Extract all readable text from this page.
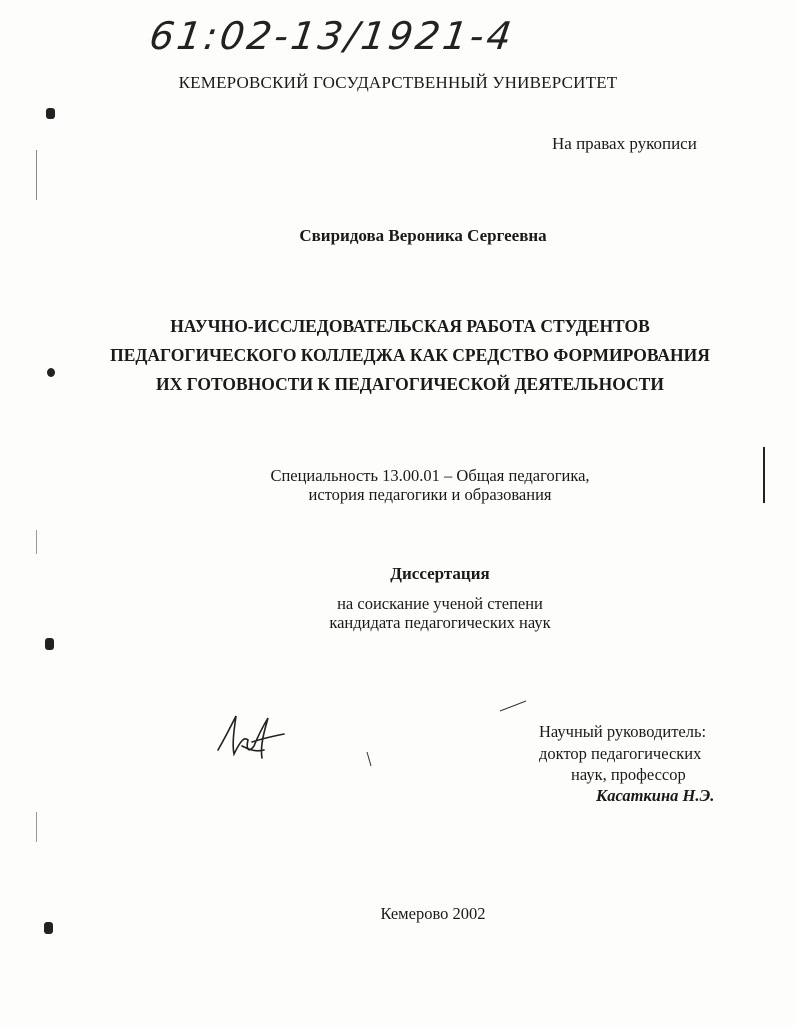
61:02-13/1921-4

КЕМЕРОВСКИЙ ГОСУДАРСТВЕННЫЙ УНИВЕРСИТЕТ

На правах рукописи

Свиридова Вероника Сергеевна

НАУЧНО-ИССЛЕДОВАТЕЛЬСКАЯ РАБОТА СТУДЕНТОВ
ПЕДАГОГИЧЕСКОГО КОЛЛЕДЖА КАК СРЕДСТВО ФОРМИРОВАНИЯ
ИХ ГОТОВНОСТИ К ПЕДАГОГИЧЕСКОЙ ДЕЯТЕЛЬНОСТИ
Специальность 13.00.01 – Общая педагогика,
история педагогики и образования

Диссертация

на соискание ученой степени
кандидата педагогических наук

Научный руководитель:

доктор педагогических

наук, профессор

Касаткина Н.Э.

Кемерово 2002
